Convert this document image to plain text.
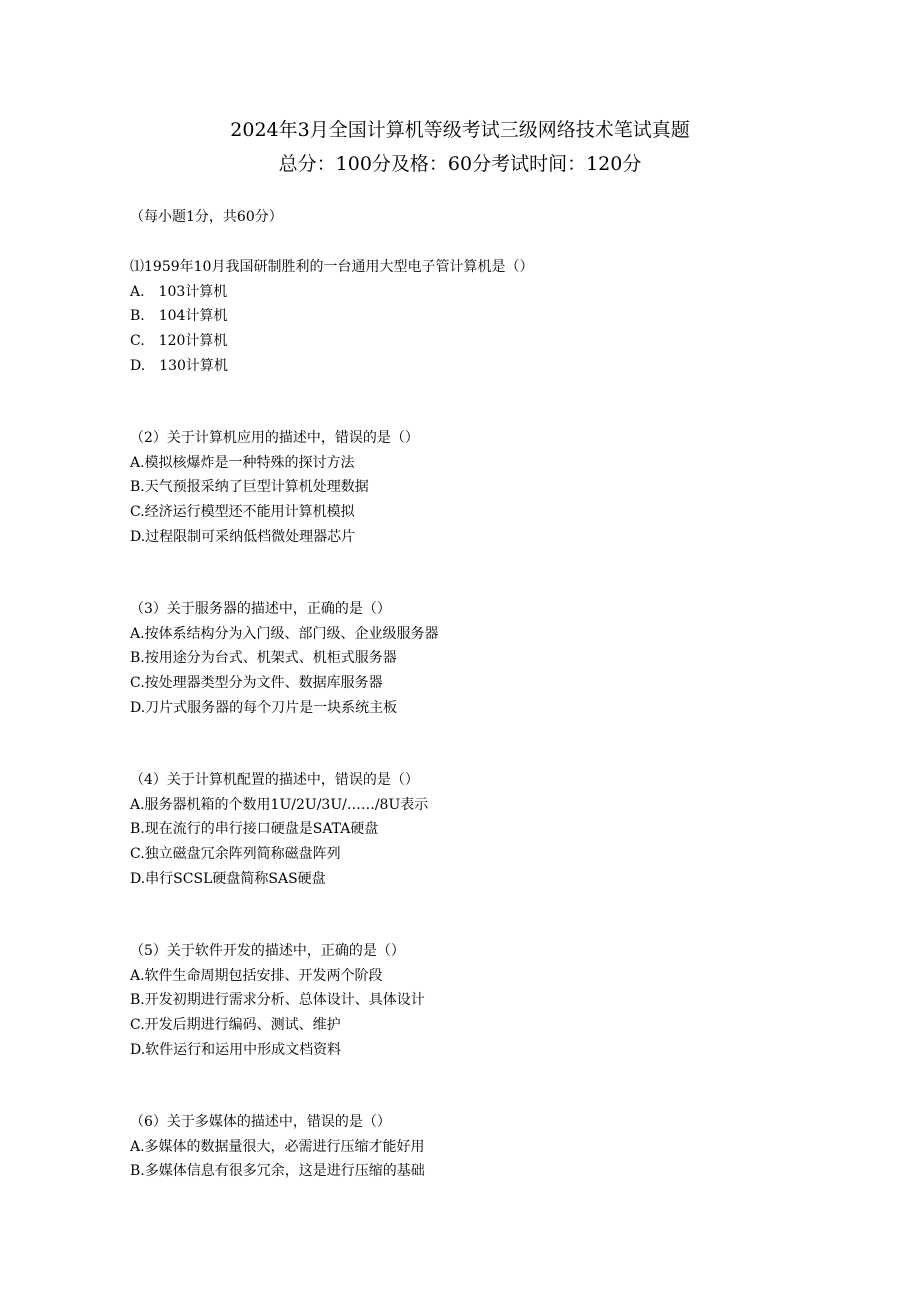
2024年3月全国计算机等级考试三级网络技术笔试真题
总分：100分及格：60分考试时间：120分
（每小题1分，共60分）
⑴1959年10月我国研制胜利的一台通用大型电子管计算机是（）
A.　103计算机
B.　104计算机
C.　120计算机
D.　130计算机
（2）关于计算机应用的描述中，错误的是（）
A.模拟核爆炸是一种特殊的探讨方法
B.天气预报采纳了巨型计算机处理数据
C.经济运行模型还不能用计算机模拟
D.过程限制可采纳低档微处理器芯片
（3）关于服务器的描述中，正确的是（）
A.按体系结构分为入门级、部门级、企业级服务器
B.按用途分为台式、机架式、机柜式服务器
C.按处理器类型分为文件、数据库服务器
D.刀片式服务器的每个刀片是一块系统主板
（4）关于计算机配置的描述中，错误的是（）
A.服务器机箱的个数用1U/2U/3U/……/8U表示
B.现在流行的串行接口硬盘是SATA硬盘
C.独立磁盘冗余阵列简称磁盘阵列
D.串行SCSL硬盘简称SAS硬盘
（5）关于软件开发的描述中，正确的是（）
A.软件生命周期包括安排、开发两个阶段
B.开发初期进行需求分析、总体设计、具体设计
C.开发后期进行编码、测试、维护
D.软件运行和运用中形成文档资料
（6）关于多媒体的描述中，错误的是（）
A.多媒体的数据量很大，必需进行压缩才能好用
B.多媒体信息有很多冗余，这是进行压缩的基础
